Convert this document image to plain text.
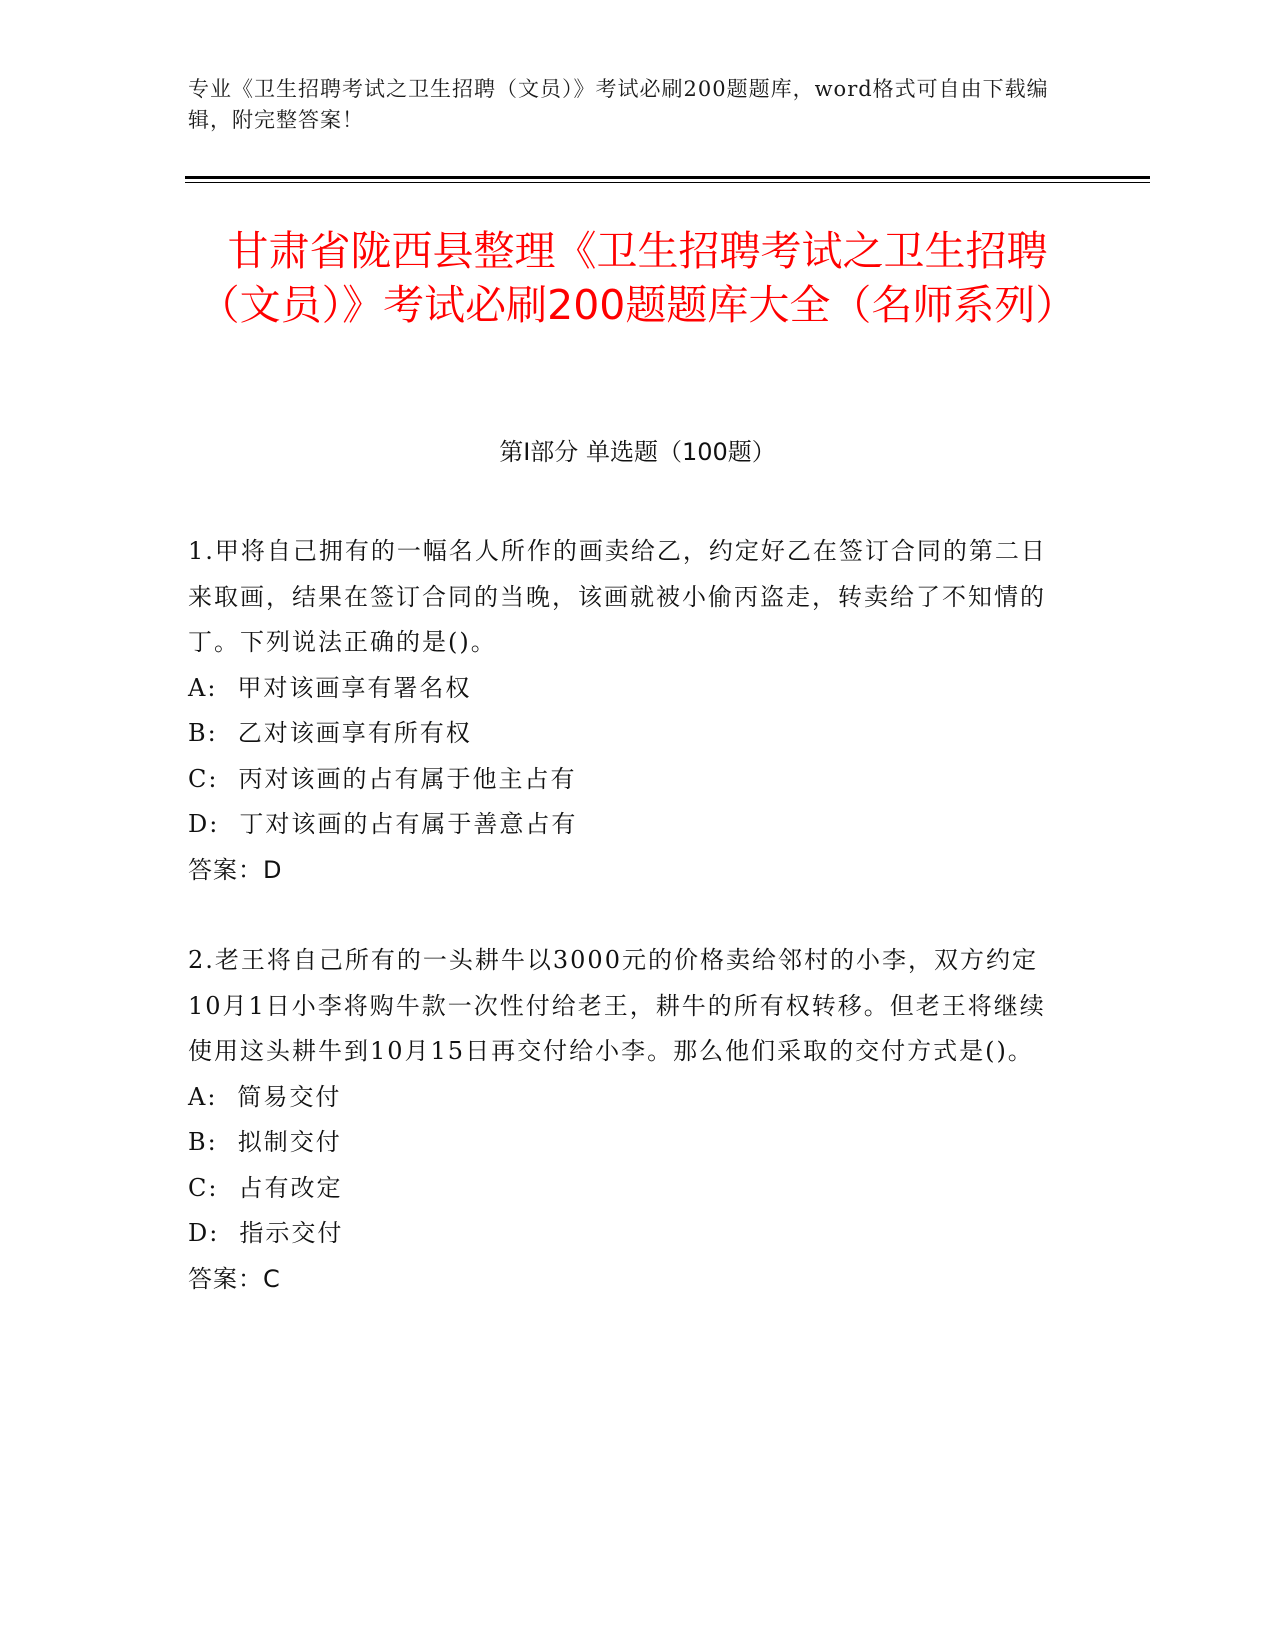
专业《卫生招聘考试之卫生招聘（文员）》考试必刷200题题库，word格式可自由下载编辑，附完整答案！
甘肃省陇西县整理《卫生招聘考试之卫生招聘（文员）》考试必刷200题题库大全（名师系列）
第I部分 单选题（100题）
1.甲将自己拥有的一幅名人所作的画卖给乙，约定好乙在签订合同的第二日来取画，结果在签订合同的当晚，该画就被小偷丙盗走，转卖给了不知情的丁。下列说法正确的是()。
A: 甲对该画享有署名权
B: 乙对该画享有所有权
C: 丙对该画的占有属于他主占有
D: 丁对该画的占有属于善意占有
答案：D
2.老王将自己所有的一头耕牛以3000元的价格卖给邻村的小李，双方约定10月1日小李将购牛款一次性付给老王，耕牛的所有权转移。但老王将继续使用这头耕牛到10月15日再交付给小李。那么他们采取的交付方式是()。
A: 简易交付
B: 拟制交付
C: 占有改定
D: 指示交付
答案：C
